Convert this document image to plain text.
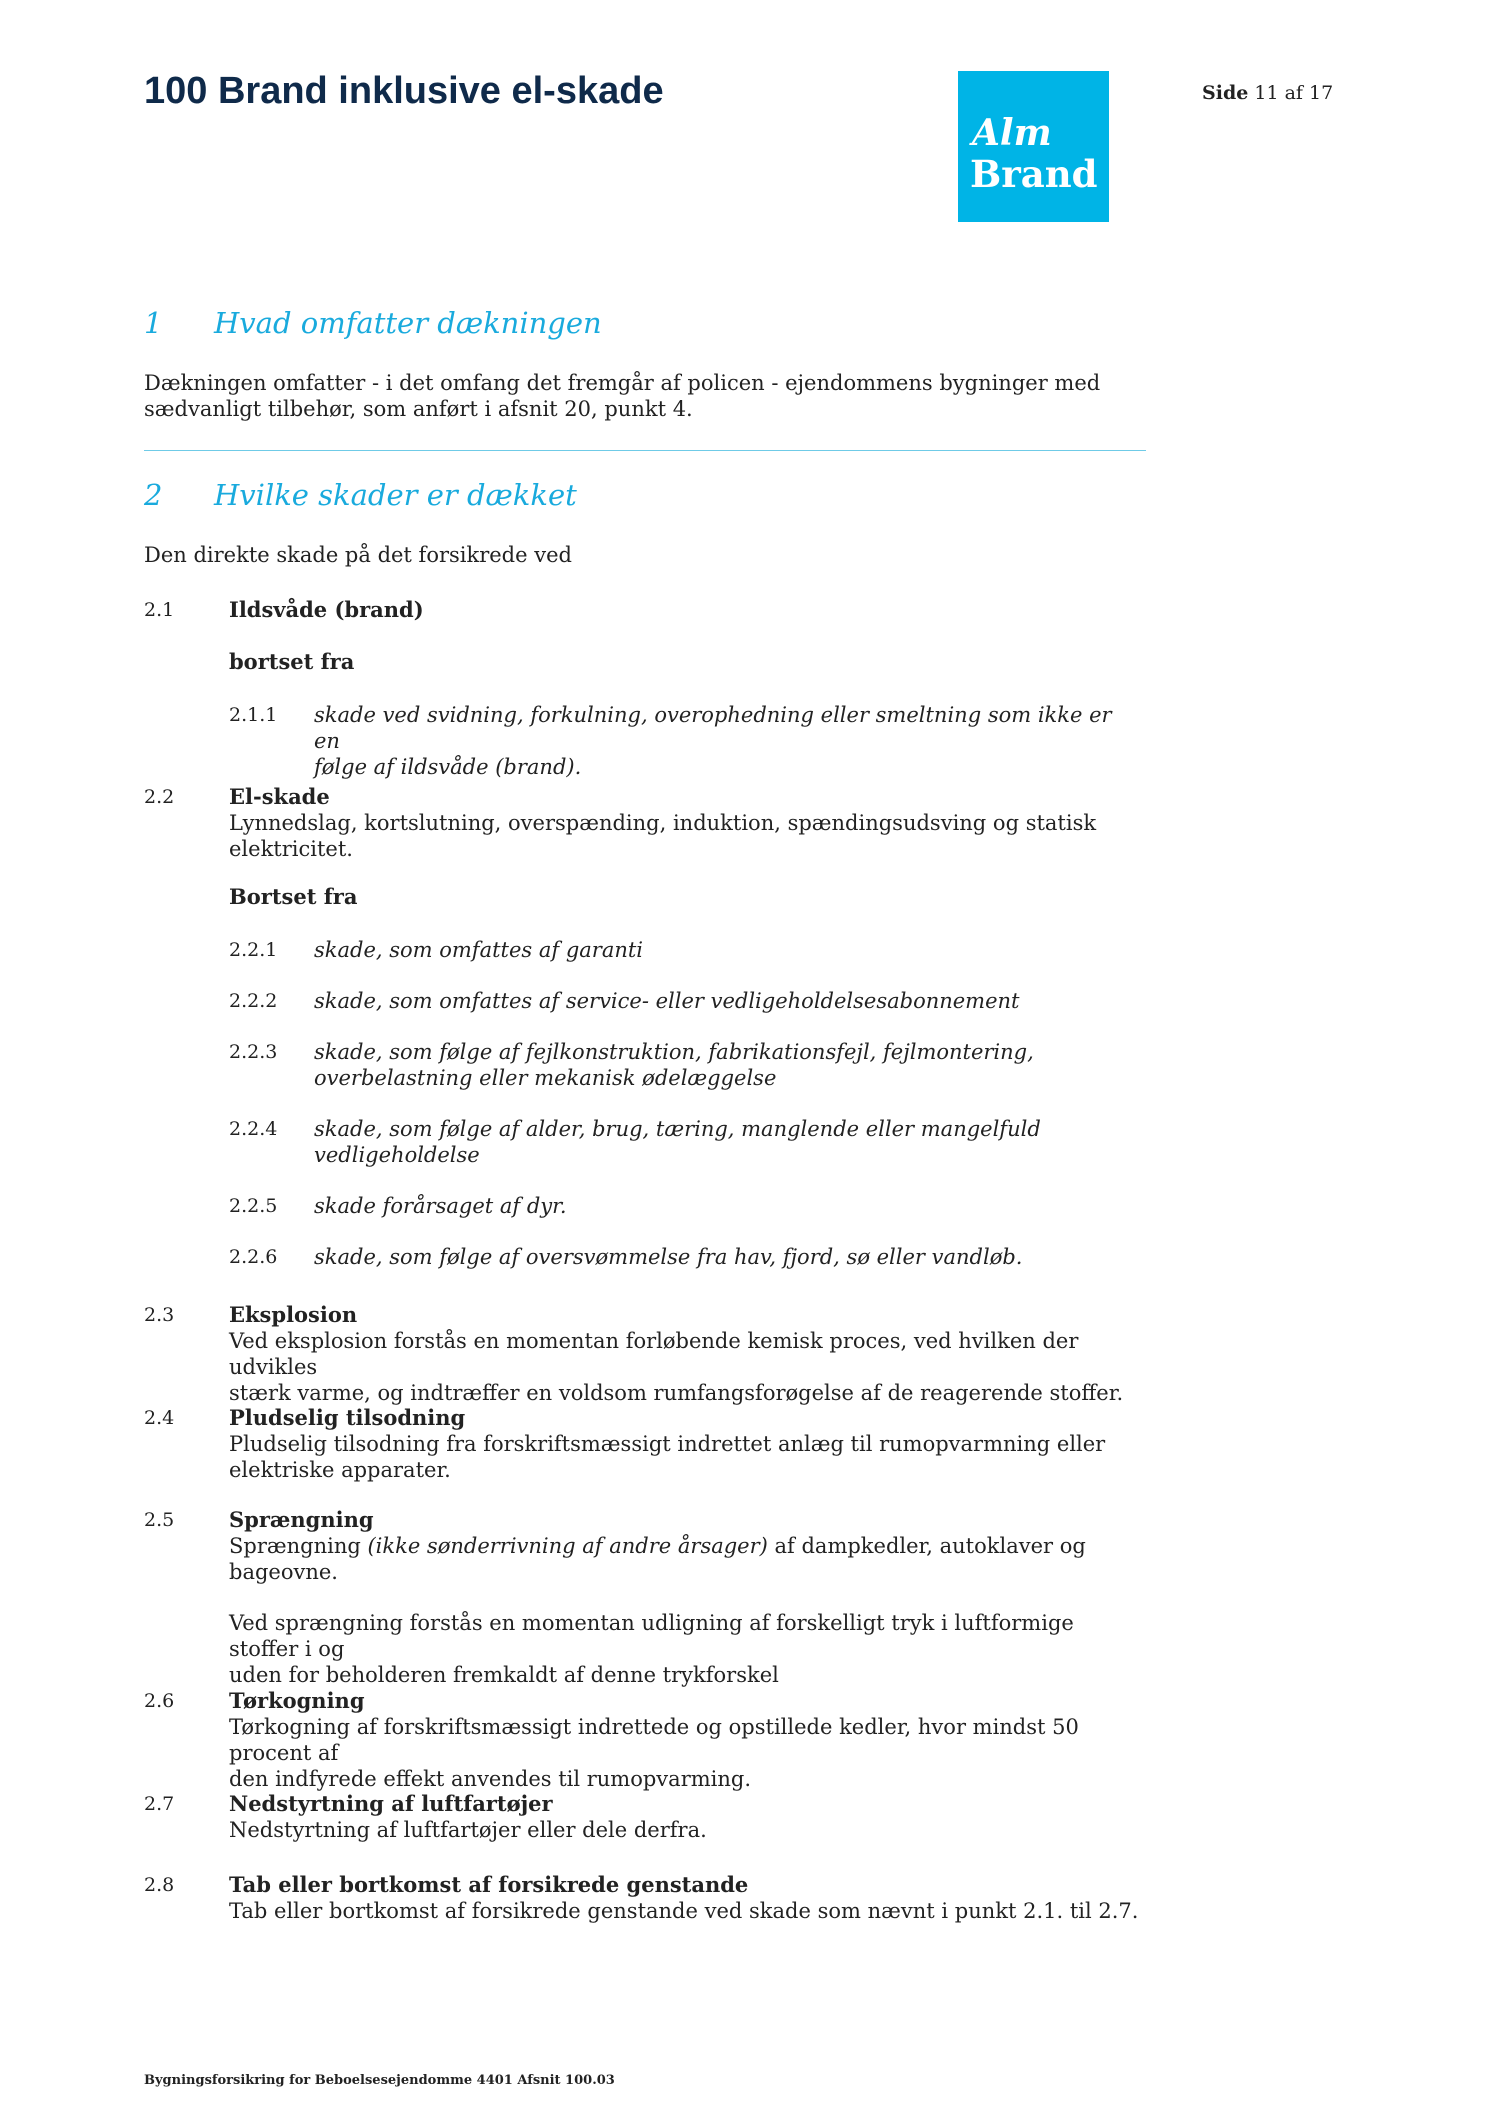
100 Brand inklusive el-skade
Alm
Brand
Side 11 af 17
1 Hvad omfatter dækningen
Dækningen omfatter - i det omfang det fremgår af policen - ejendommens bygninger med
sædvanligt tilbehør, som anført i afsnit 20, punkt 4.
2 Hvilke skader er dækket
Den direkte skade på det forsikrede ved
2.1	Ildsvåde (brand)
bortset fra
2.1.1 skade ved svidning, forkulning, overophedning eller smeltning som ikke er en
følge af ildsvåde (brand).
2.2	El-skade
Lynnedslag, kortslutning, overspænding, induktion, spændingsudsving og statisk
elektricitet.
Bortset fra
2.2.1 skade, som omfattes af garanti
2.2.2 skade, som omfattes af service- eller vedligeholdelsesabonnement
2.2.3 skade, som følge af fejlkonstruktion, fabrikationsfejl, fejlmontering,
overbelastning eller mekanisk ødelæggelse
2.2.4 skade, som følge af alder, brug, tæring, manglende eller mangelfuld
vedligeholdelse
2.2.5 skade forårsaget af dyr.
2.2.6 skade, som følge af oversvømmelse fra hav, fjord, sø eller vandløb.
2.3	Eksplosion
Ved eksplosion forstås en momentan forløbende kemisk proces, ved hvilken der udvikles
stærk varme, og indtræffer en voldsom rumfangsforøgelse af de reagerende stoffer.
2.4	Pludselig tilsodning
Pludselig tilsodning fra forskriftsmæssigt indrettet anlæg til rumopvarmning eller
elektriske apparater.
2.5	Sprængning
Sprængning (ikke sønderrivning af andre årsager) af dampkedler, autoklaver og
bageovne.
Ved sprængning forstås en momentan udligning af forskelligt tryk i luftformige stoffer i og
uden for beholderen fremkaldt af denne trykforskel
2.6	Tørkogning
Tørkogning af forskriftsmæssigt indrettede og opstillede kedler, hvor mindst 50 procent af
den indfyrede effekt anvendes til rumopvarming.
2.7	Nedstyrtning af luftfartøjer
Nedstyrtning af luftfartøjer eller dele derfra.
2.8	Tab eller bortkomst af forsikrede genstande
Tab eller bortkomst af forsikrede genstande ved skade som nævnt i punkt 2.1. til 2.7.
Bygningsforsikring for Beboelsesejendomme 4401 Afsnit 100.03
